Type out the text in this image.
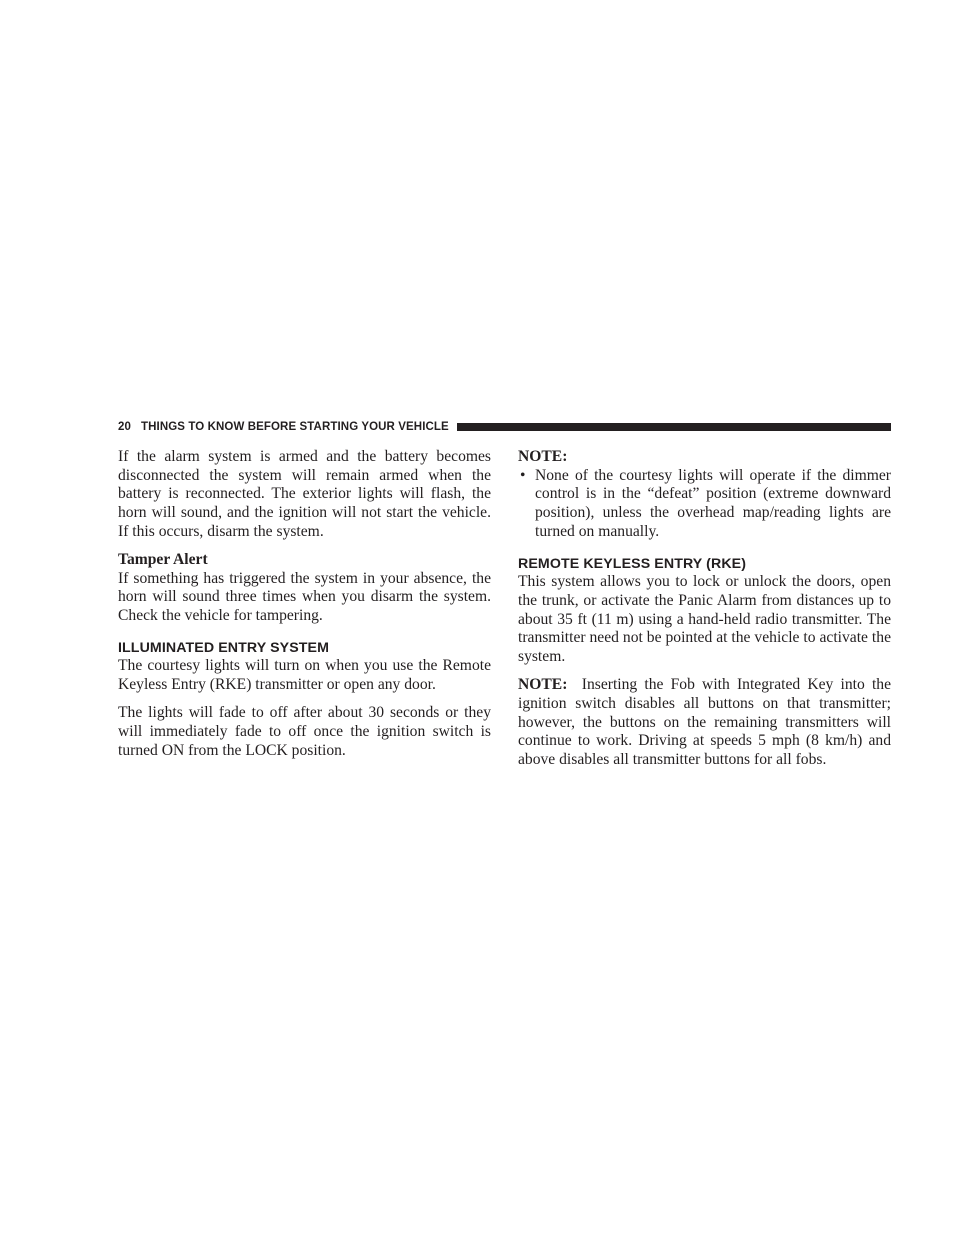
20 THINGS TO KNOW BEFORE STARTING YOUR VEHICLE

If the alarm system is armed and the battery becomes disconnected the system will remain armed when the battery is reconnected. The exterior lights will flash, the horn will sound, and the ignition will not start the vehicle. If this occurs, disarm the system.

Tamper Alert

If something has triggered the system in your absence, the horn will sound three times when you disarm the system. Check the vehicle for tampering.

ILLUMINATED ENTRY SYSTEM

The courtesy lights will turn on when you use the Remote Keyless Entry (RKE) transmitter or open any door.

The lights will fade to off after about 30 seconds or they will immediately fade to off once the ignition switch is turned ON from the LOCK position.

NOTE:
• None of the courtesy lights will operate if the dimmer control is in the “defeat” position (extreme downward position), unless the overhead map/reading lights are turned on manually.
REMOTE KEYLESS ENTRY (RKE)

This system allows you to lock or unlock the doors, open the trunk, or activate the Panic Alarm from distances up to about 35 ft (11 m) using a hand-held radio transmitter. The transmitter need not be pointed at the vehicle to activate the system.

NOTE: Inserting the Fob with Integrated Key into the ignition switch disables all buttons on that transmitter; however, the buttons on the remaining transmitters will continue to work. Driving at speeds 5 mph (8 km/h) and above disables all transmitter buttons for all fobs.
